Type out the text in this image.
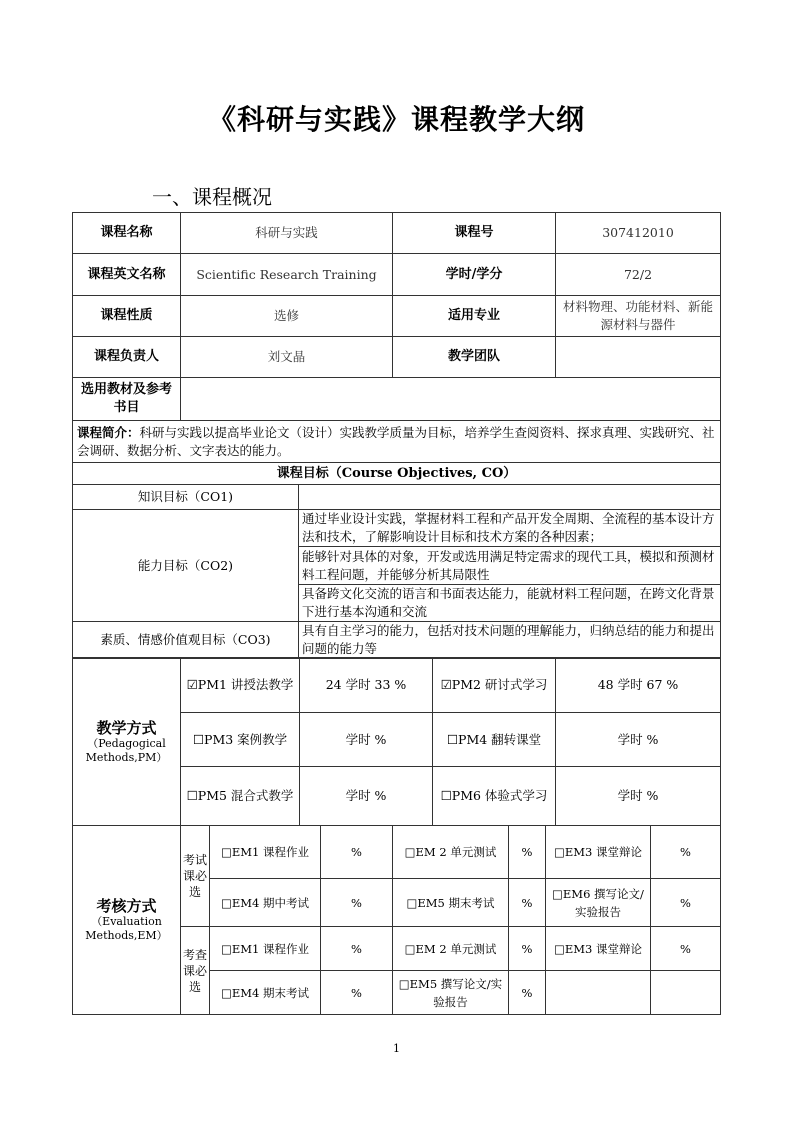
《科研与实践》课程教学大纲
一、课程概况
课程名称	科研与实践	课程号	307412010
课程英文名称	Scientific Research Training	学时/学分	72/2
课程性质	选修	适用专业	材料物理、功能材料、新能源材料与器件
课程负责人	刘文晶	教学团队	
选用教材及参考书目			
课程简介：科研与实践以提高毕业论文（设计）实践教学质量为目标，培养学生查阅资料、探求真理、实践研究、社会调研、数据分析、文字表达的能力。			
课程目标（Course Objectives, CO）			
知识目标（CO1)	
能力目标（CO2)	通过毕业设计实践，掌握材料工程和产品开发全周期、全流程的基本设计方法和技术，了解影响设计目标和技术方案的各种因素；
	能够针对具体的对象，开发或选用满足特定需求的现代工具，模拟和预测材料工程问题，并能够分析其局限性
	具备跨文化交流的语言和书面表达能力，能就材料工程问题，在跨文化背景下进行基本沟通和交流
素质、情感价值观目标（CO3)	具有自主学习的能力，包括对技术问题的理解能力，归纳总结的能力和提出问题的能力等
教学方式
（Pedagogical Methods,PM）	☑PM1 讲授法教学	24 学时 33 %	☑PM2 研讨式学习	48 学时 67 %
	☐PM3 案例教学	学时 %	☐PM4 翻转课堂	学时 %
	☐PM5 混合式教学	学时 %	☐PM6 体验式学习	学时 %
考核方式
（Evaluation Methods,EM）	考试课必选	□EM1 课程作业	%	□EM 2 单元测试	%	□EM3 课堂辩论	%
		□EM4 期中考试	%	□EM5 期末考试	%	□EM6 撰写论文/实验报告	%
	考查课必选	□EM1 课程作业	%	□EM 2 单元测试	%	□EM3 课堂辩论	%
		□EM4 期末考试	%	□EM5 撰写论文/实验报告	%		
1
